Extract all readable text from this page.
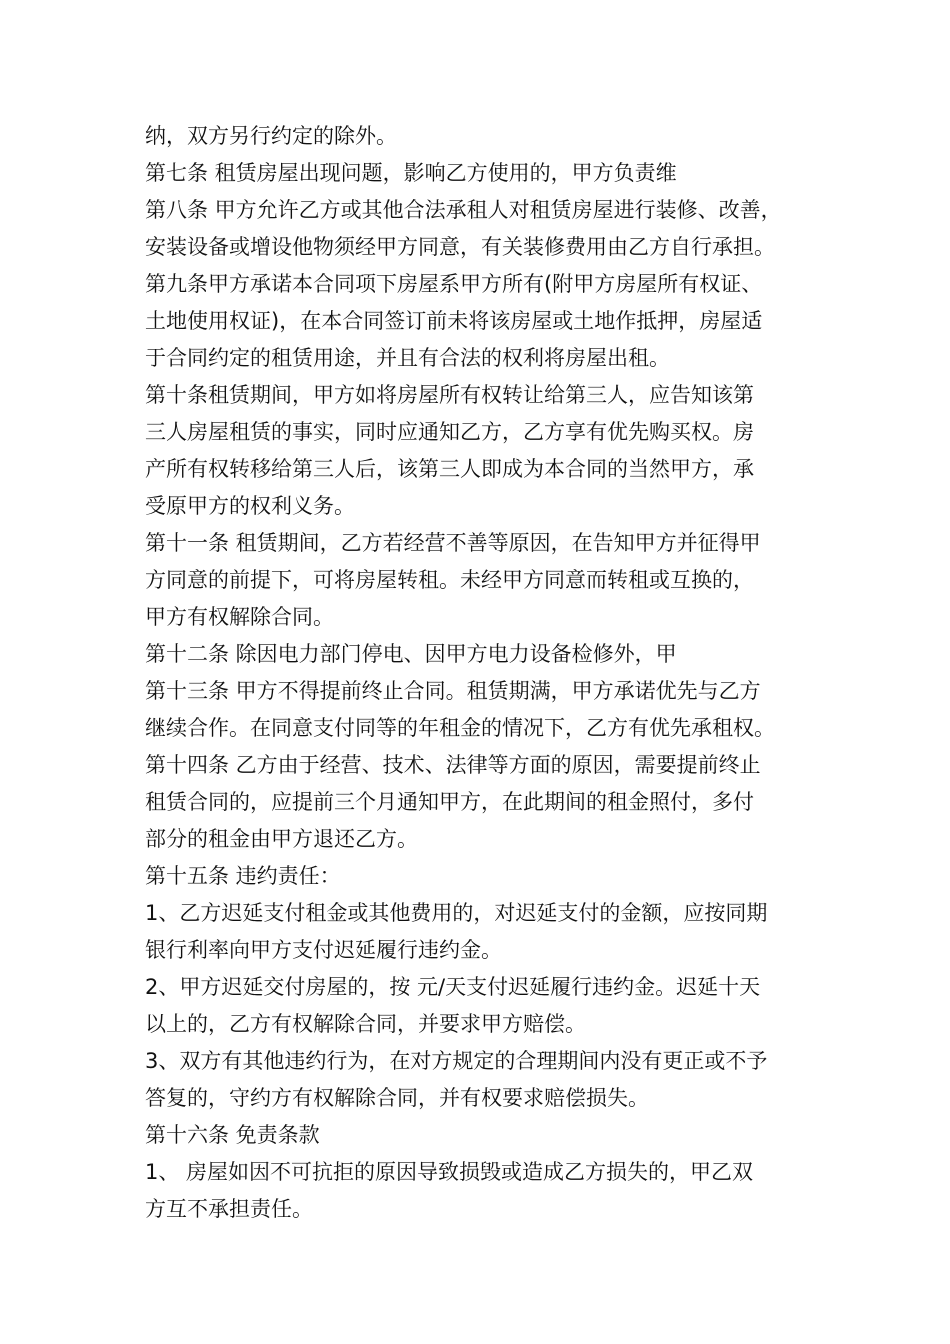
纳，双方另行约定的除外。
第七条 租赁房屋出现问题，影响乙方使用的，甲方负责维
第八条 甲方允许乙方或其他合法承租人对租赁房屋进行装修、改善，
安装设备或增设他物须经甲方同意，有关装修费用由乙方自行承担。
第九条甲方承诺本合同项下房屋系甲方所有(附甲方房屋所有权证、
土地使用权证)，在本合同签订前未将该房屋或土地作抵押，房屋适
于合同约定的租赁用途，并且有合法的权利将房屋出租。
第十条租赁期间，甲方如将房屋所有权转让给第三人，应告知该第
三人房屋租赁的事实，同时应通知乙方，乙方享有优先购买权。房
产所有权转移给第三人后，该第三人即成为本合同的当然甲方，承
受原甲方的权利义务。
第十一条 租赁期间，乙方若经营不善等原因，在告知甲方并征得甲
方同意的前提下，可将房屋转租。未经甲方同意而转租或互换的，
甲方有权解除合同。
第十二条 除因电力部门停电、因甲方电力设备检修外，甲
第十三条 甲方不得提前终止合同。租赁期满，甲方承诺优先与乙方
继续合作。在同意支付同等的年租金的情况下，乙方有优先承租权。
第十四条 乙方由于经营、技术、法律等方面的原因，需要提前终止
租赁合同的，应提前三个月通知甲方，在此期间的租金照付，多付
部分的租金由甲方退还乙方。
第十五条 违约责任：
1、乙方迟延支付租金或其他费用的，对迟延支付的金额，应按同期
银行利率向甲方支付迟延履行违约金。
2、甲方迟延交付房屋的，按 元/天支付迟延履行违约金。迟延十天
以上的，乙方有权解除合同，并要求甲方赔偿。
3、双方有其他违约行为，在对方规定的合理期间内没有更正或不予
答复的，守约方有权解除合同，并有权要求赔偿损失。
第十六条 免责条款
1、 房屋如因不可抗拒的原因导致损毁或造成乙方损失的，甲乙双
方互不承担责任。
